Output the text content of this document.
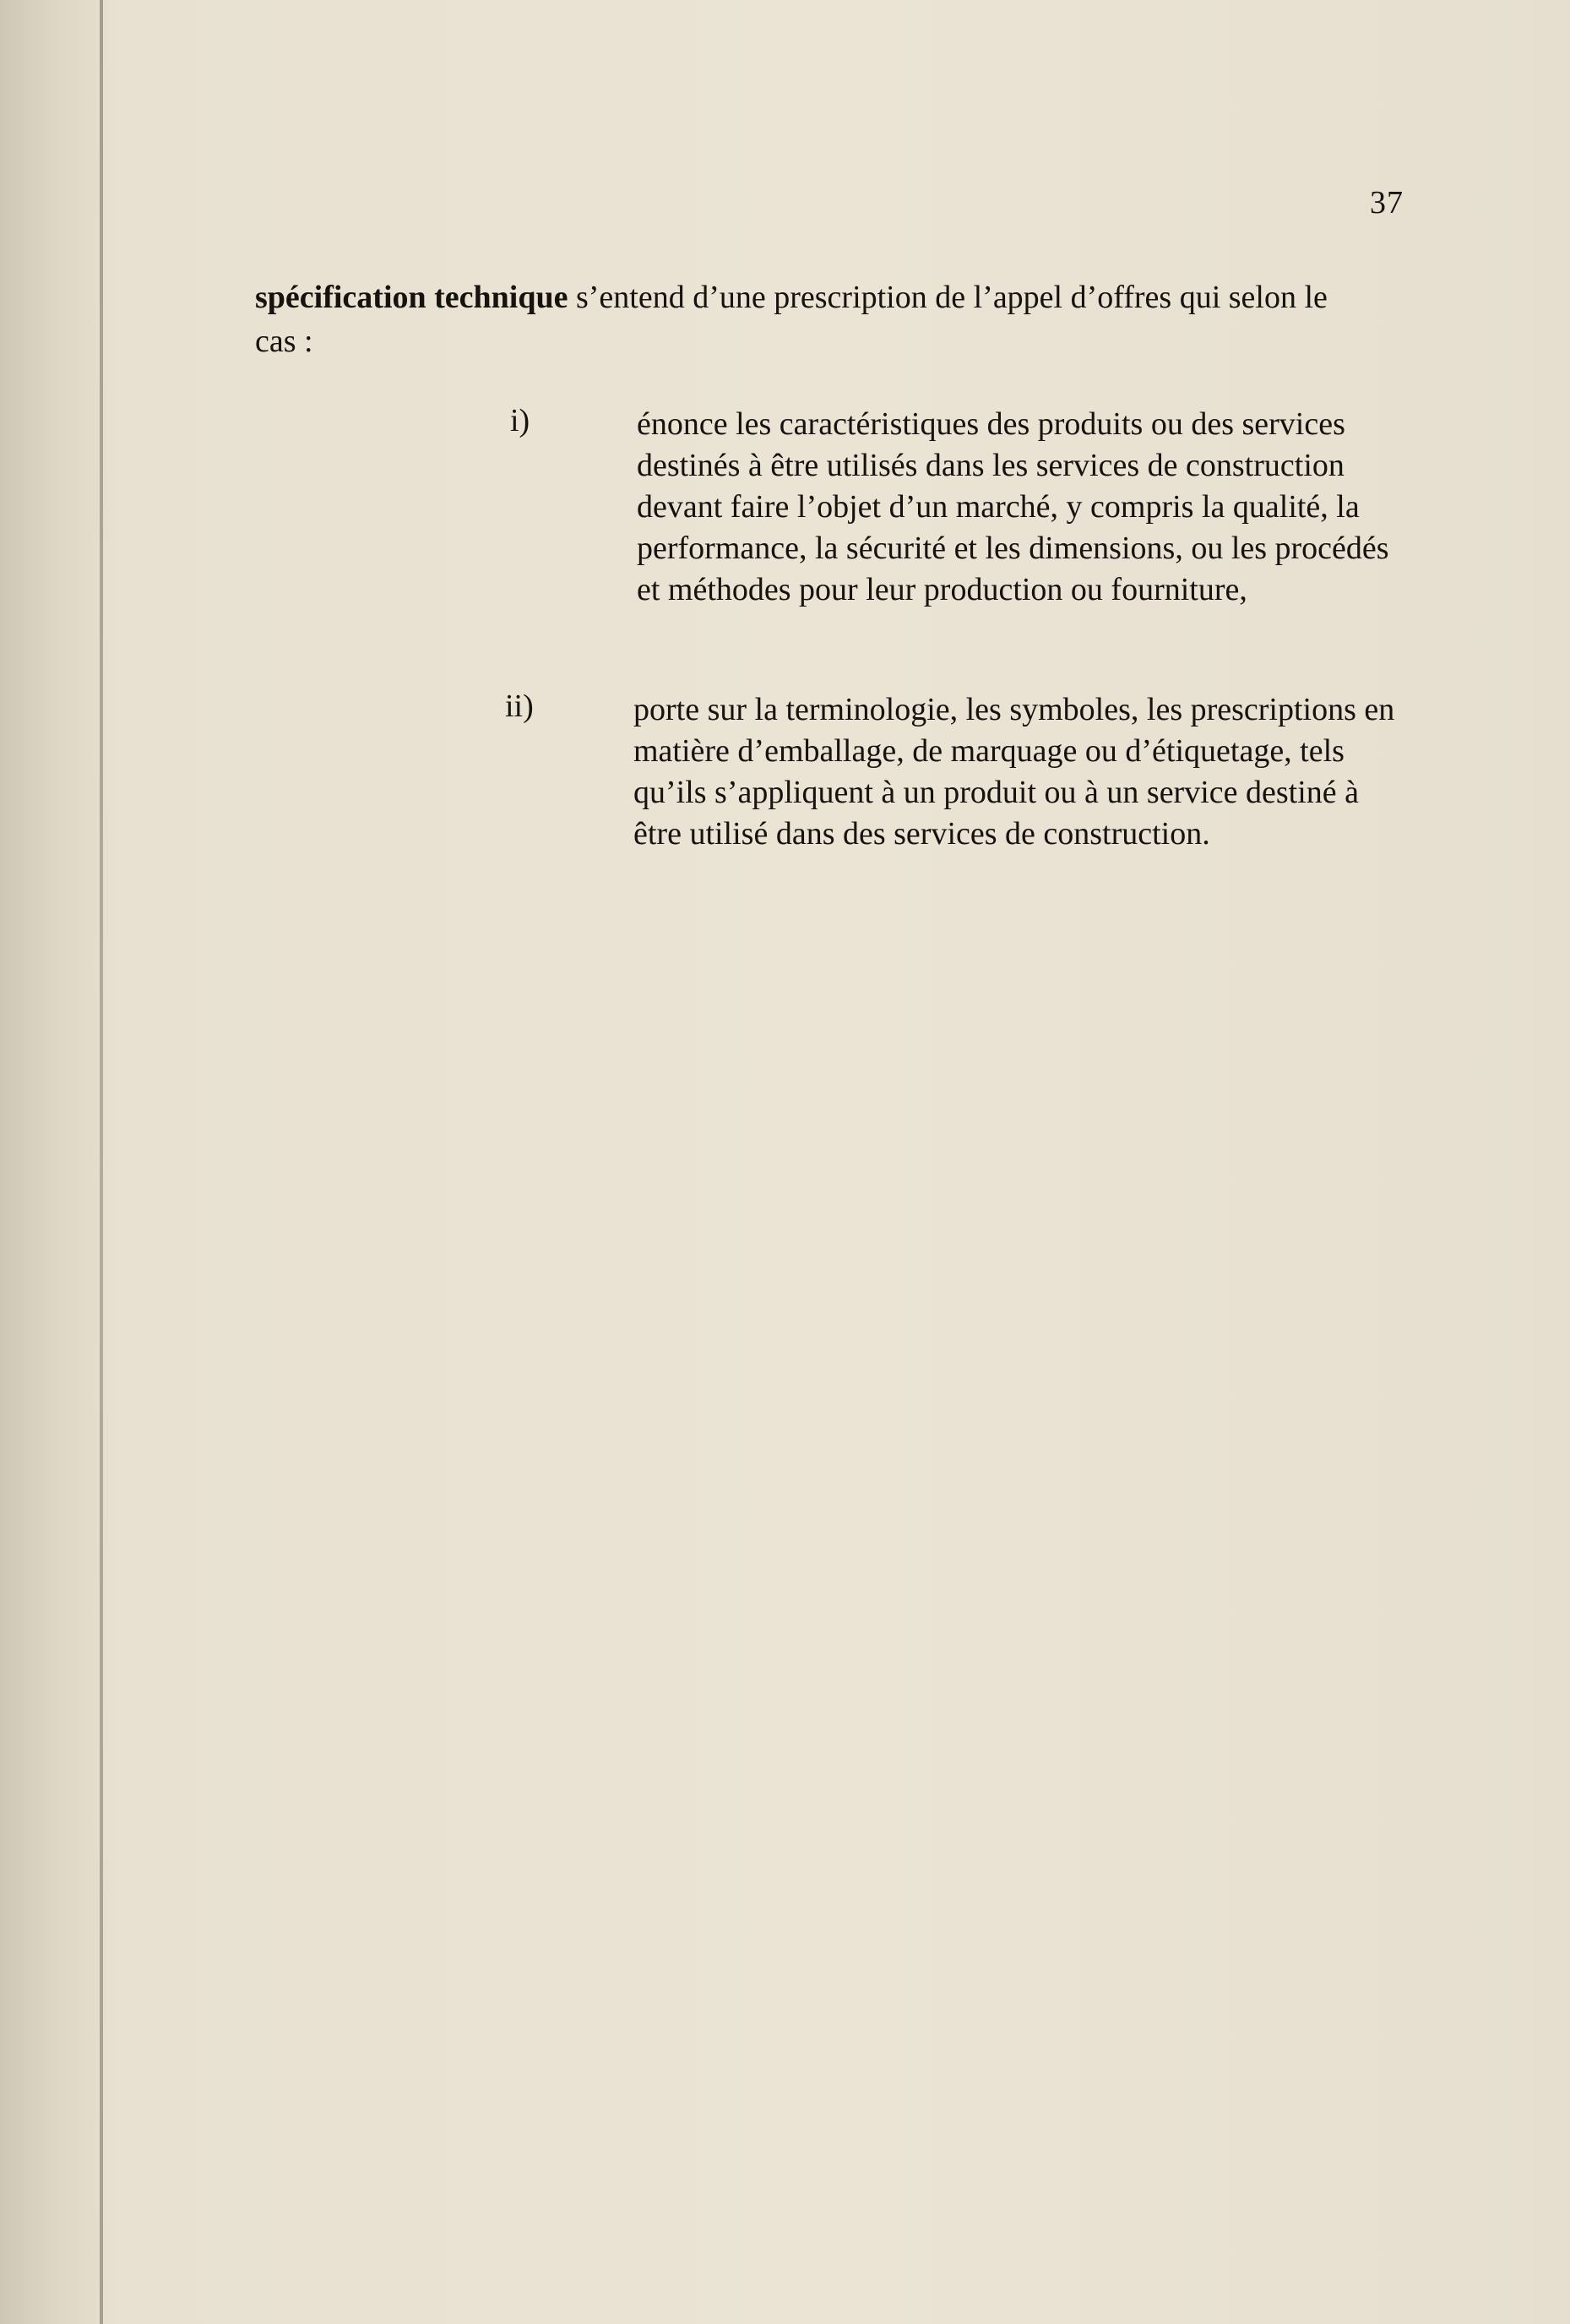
37
spécification technique s’entend d’une prescription de l’appel d’offres qui selon le cas :
i)	énonce les caractéristiques des produits ou des services destinés à être utilisés dans les services de construction devant faire l’objet d’un marché, y compris la qualité, la performance, la sécurité et les dimensions, ou les procédés et méthodes pour leur production ou fourniture,
ii)	porte sur la terminologie, les symboles, les prescriptions en matière d’emballage, de marquage ou d’étiquetage, tels qu’ils s’appliquent à un produit ou à un service destiné à être utilisé dans des services de construction.
